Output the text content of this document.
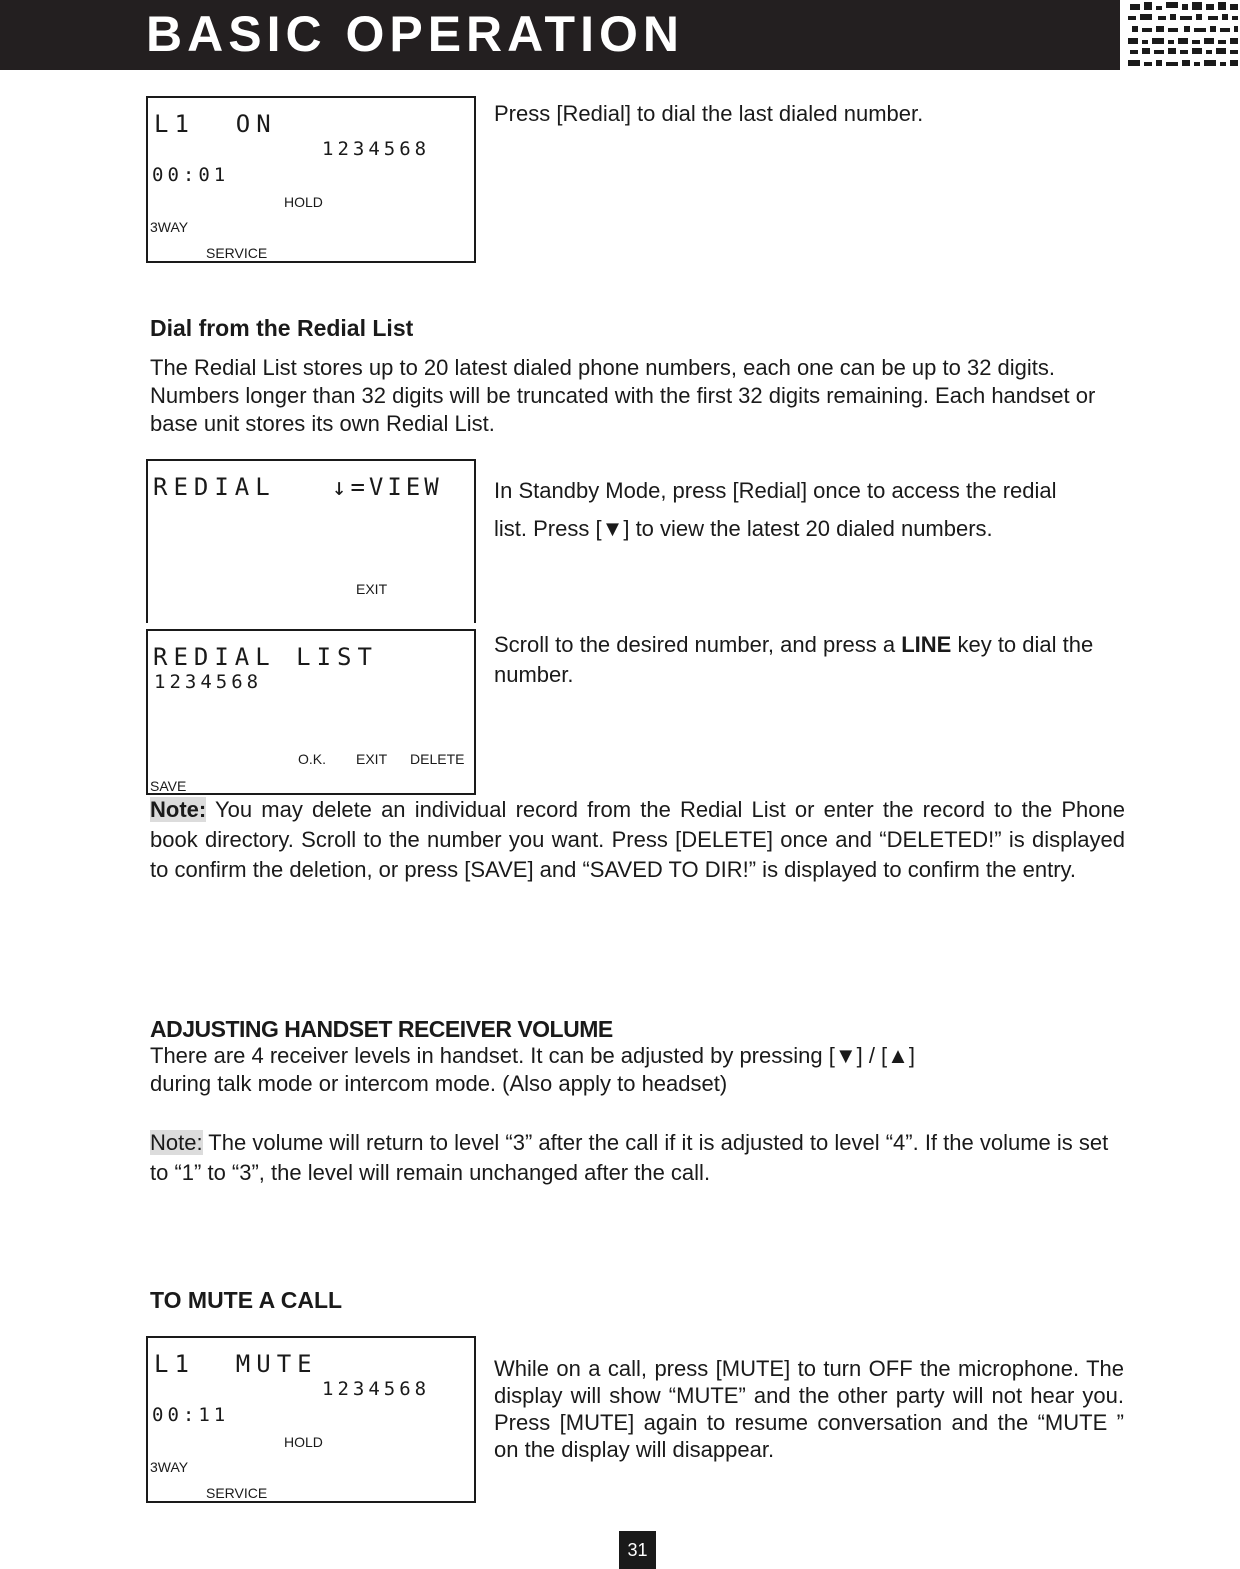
BASIC OPERATION
L1  ON
1234568
00:01
HOLD
3WAY
SERVICE
Press [Redial] to dial the last dialed number.
Dial from the Redial List
The Redial List stores up to 20 latest dialed phone numbers, each one can be up to 32 digits. Numbers longer than 32 digits will be truncated with the first 32 digits remaining. Each handset or base unit stores its own Redial List.
REDIAL ↓=VIEW
EXIT
In Standby Mode, press [Redial] once to access the redial list. Press [▼] to view the latest 20 dialed numbers.
REDIAL LIST
1234568
O.K. EXIT DELETE
SAVE
Scroll to the desired number, and press a LINE key to dial the number.
Note: You may delete an individual record from the Redial List or enter the record to the Phone book directory. Scroll to the number you want. Press [DELETE] once and “DELETED!” is displayed to confirm the deletion, or press [SAVE] and “SAVED TO DIR!” is displayed to confirm the entry.
ADJUSTING HANDSET RECEIVER VOLUME
There are 4 receiver levels in handset. It can be adjusted by pressing [▼] / [▲]
during talk mode or intercom mode. (Also apply to headset)
Note: The volume will return to level “3” after the call if it is adjusted to level “4”. If the volume is set to “1” to “3”, the level will remain unchanged after the call.
TO MUTE A CALL
L1  MUTE
1234568
00:11
HOLD
3WAY
SERVICE
While on a call, press [MUTE] to turn OFF the microphone. The display will show “MUTE” and the other party will not hear you. Press [MUTE] again to resume conversation and the “MUTE ” on the display will disappear.
31
